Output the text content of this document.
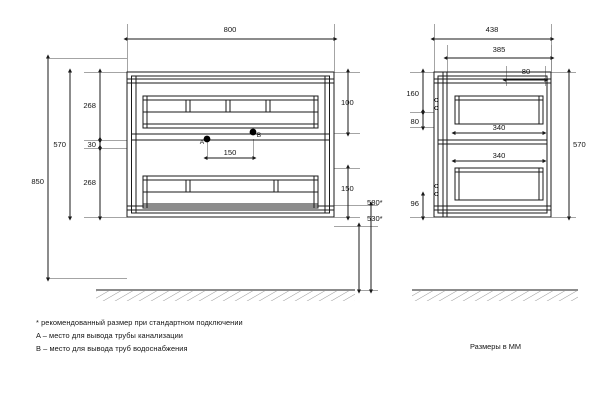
800	438
385
80
340
340
150
850
570
268
30
268
160
80
96
100
150
580*
530*
570
A
B
* рекомендованный размер при стандартном подключении
A – место для вывода трубы канализации
B – место для вывода труб водоснабжения	Размеры в ММ
